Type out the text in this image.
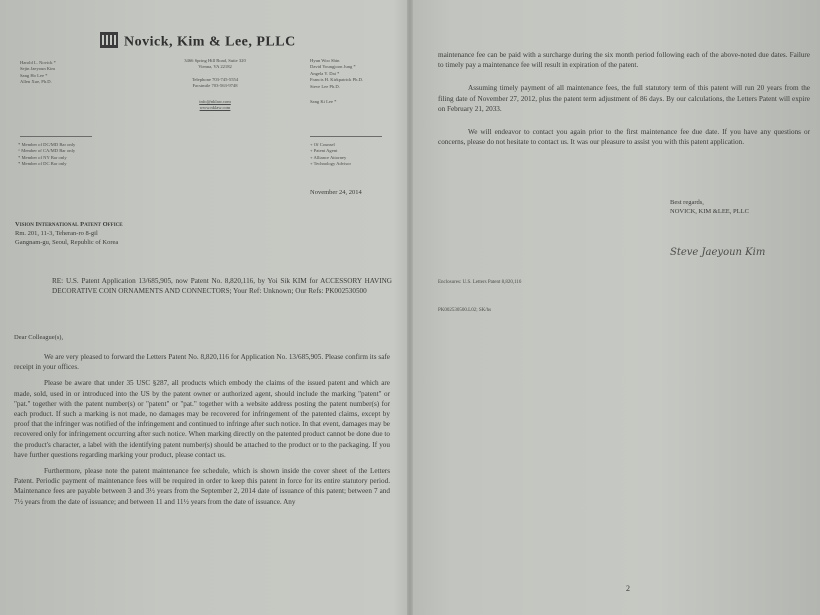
Novick, Kim & Lee, PLLC
Harold L. Novick *
Sejin Jaeyoun Kim
Sang Ho Lee *
Allen Xue, Ph.D.
3466 Spring Hill Road, Suite 320
Vienna, VA 22182
Telephone 703-745-5554
Facsimile 703-563-9748
info@nklaw.com
www.nklaw.com
Hyun Woo Shin
David Youngjoon Jung *
Angela Y. Dai *
Francis H. Kirkpatrick Ph.D.
Steve Lee Ph.D.
Sang Ki Lee *
* Member of DC/MD Bar only
^ Member of CA/MD Bar only
* Member of NY Bar only
* Member of DC Bar only
+ Of Counsel
+ Patent Agent
+ Alliance Attorney
+ Technology Advisor
November 24, 2014
Vision International Patent Office
Rm. 201, 11-3, Teheran-ro 8-gil
Gangnam-gu, Seoul, Republic of Korea
RE: U.S. Patent Application 13/685,905, now Patent No. 8,820,116, by Yoi Sik KIM for ACCESSORY HAVING DECORATIVE COIN ORNAMENTS AND CONNECTORS; Your Ref: Unknown; Our Refs: PK002530500
Dear Colleague(s),

We are very pleased to forward the Letters Patent No. 8,820,116 for Application No. 13/685,905. Please confirm its safe receipt in your offices.

Please be aware that under 35 USC §287, all products which embody the claims of the issued patent and which are made, sold, used in or introduced into the US by the patent owner or authorized agent, should include the marking "patent" or "pat." together with the patent number(s) or "patent" or "pat." together with a website address posting the patent number(s) for each product. If such a marking is not made, no damages may be recovered for infringement of the patented claims, except by proof that the infringer was notified of the infringement and continued to infringe after such notice. In that event, damages may be recovered only for infringement occurring after such notice. When marking directly on the patented product cannot be done due to the product's character, a label with the identifying patent number(s) should be attached to the product or to the packaging. If you have further questions regarding marking your product, please contact us.

Furthermore, please note the patent maintenance fee schedule, which is shown inside the cover sheet of the Letters Patent. Periodic payment of maintenance fees will be required in order to keep this patent in force for its entire statutory period. Maintenance fees are payable between 3 and 3½ years from the September 2, 2014 date of issuance of this patent; between 7 and 7½ years from the date of issuance; and between 11 and 11½ years from the date of issuance. Any

maintenance fee can be paid with a surcharge during the six month period following each of the above-noted due dates. Failure to timely pay a maintenance fee will result in expiration of the patent.

Assuming timely payment of all maintenance fees, the full statutory term of this patent will run 20 years from the filing date of November 27, 2012, plus the patent term adjustment of 86 days. By our calculations, the Letters Patent will expire on February 21, 2033.

We will endeavor to contact you again prior to the first maintenance fee due date. If you have any questions or concerns, please do not hesitate to contact us. It was our pleasure to assist you with this patent application.

Best regards,
NOVICK, KIM &LEE, PLLC
Steve Jaeyoun Kim
Enclosures: U.S. Letters Patent 8,820,116
PK002530500.L02; SK/hs
2
